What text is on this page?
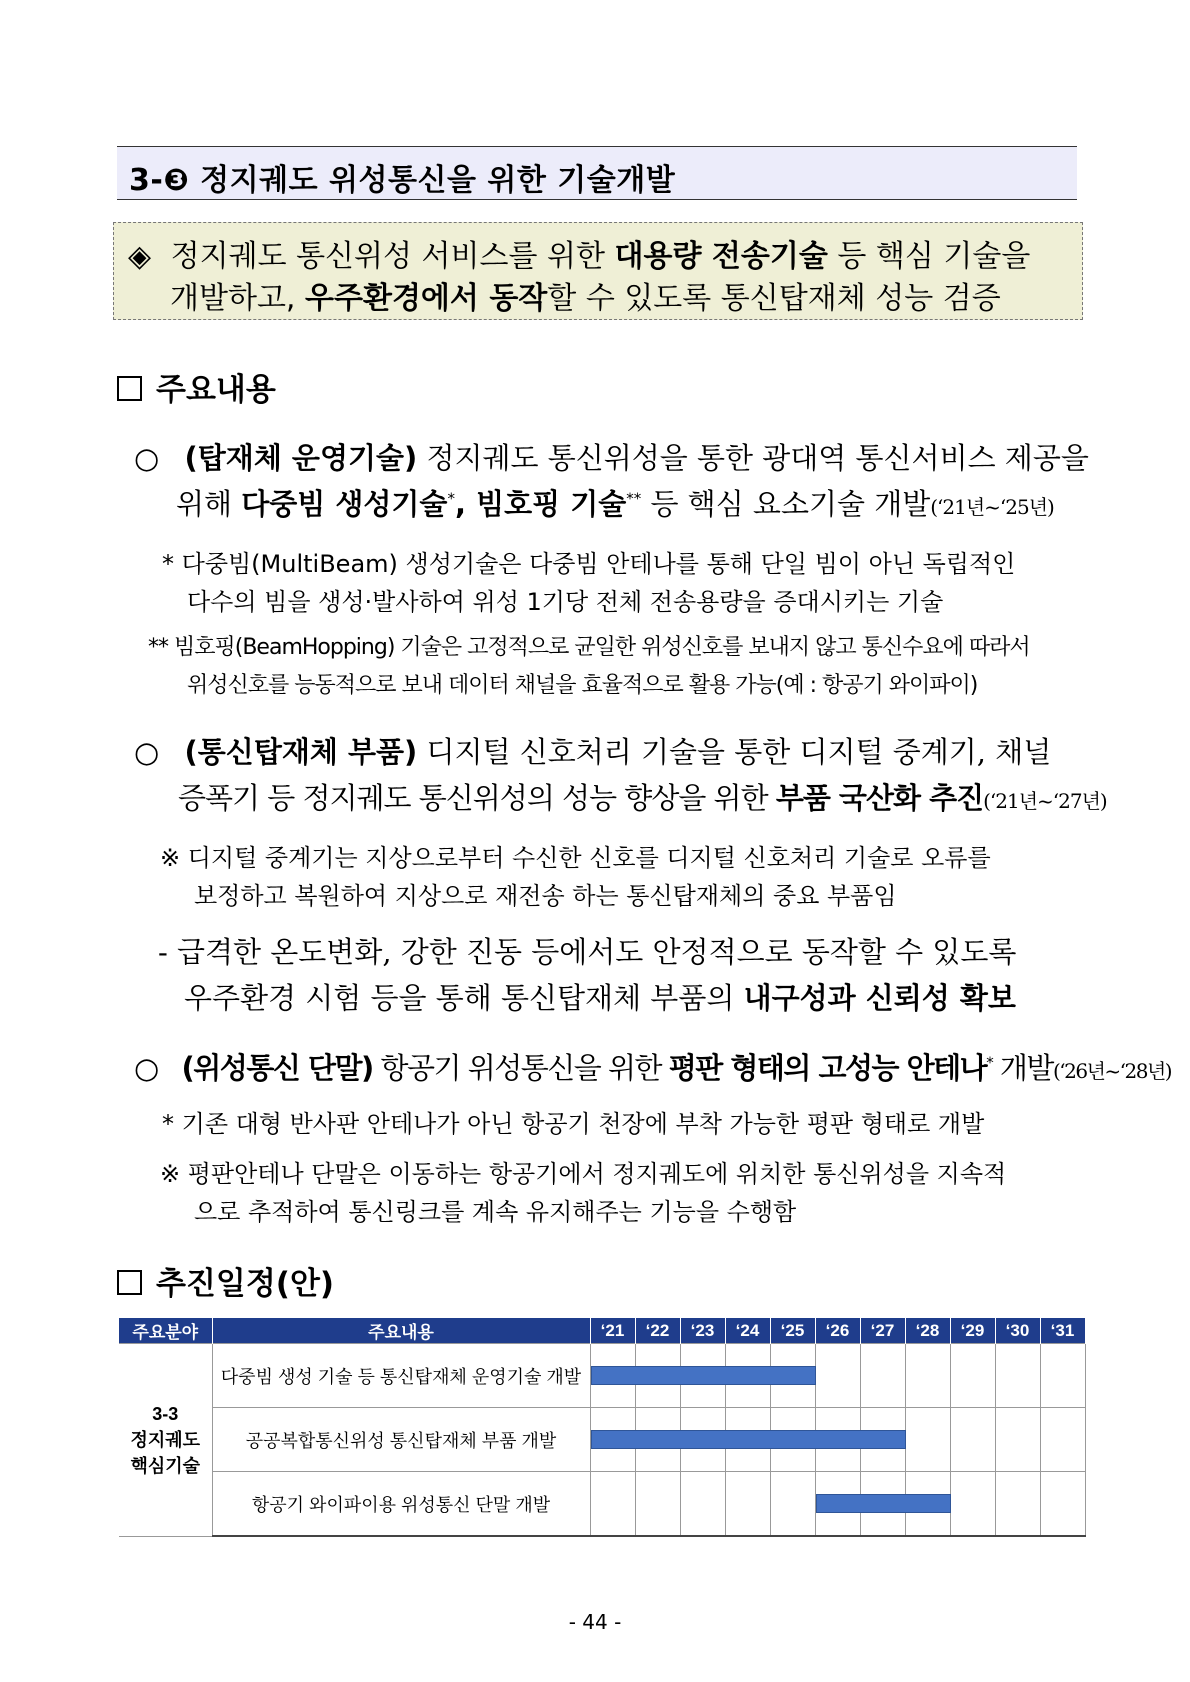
3-❸ 정지궤도 위성통신을 위한 기술개발
◈ 정지궤도 통신위성 서비스를 위한 대용량 전송기술 등 핵심 기술을
개발하고, 우주환경에서 동작할 수 있도록 통신탑재체 성능 검증
주요내용
○ (탑재체 운영기술) 정지궤도 통신위성을 통한 광대역 통신서비스 제공을
위해 다중빔 생성기술*, 빔호핑 기술** 등 핵심 요소기술 개발(‘21년~‘25년)
* 다중빔(MultiBeam) 생성기술은 다중빔 안테나를 통해 단일 빔이 아닌 독립적인
다수의 빔을 생성·발사하여 위성 1기당 전체 전송용량을 증대시키는 기술
** 빔호핑(BeamHopping) 기술은 고정적으로 균일한 위성신호를 보내지 않고 통신수요에 따라서
위성신호를 능동적으로 보내 데이터 채널을 효율적으로 활용 가능(예 : 항공기 와이파이)
○ (통신탑재체 부품) 디지털 신호처리 기술을 통한 디지털 중계기, 채널
증폭기 등 정지궤도 통신위성의 성능 향상을 위한 부품 국산화 추진(‘21년~‘27년)
※ 디지털 중계기는 지상으로부터 수신한 신호를 디지털 신호처리 기술로 오류를
보정하고 복원하여 지상으로 재전송 하는 통신탑재체의 중요 부품임
- 급격한 온도변화, 강한 진동 등에서도 안정적으로 동작할 수 있도록
우주환경 시험 등을 통해 통신탑재체 부품의 내구성과 신뢰성 확보
○ (위성통신 단말) 항공기 위성통신을 위한 평판 형태의 고성능 안테나* 개발(‘26년~‘28년)
* 기존 대형 반사판 안테나가 아닌 항공기 천장에 부착 가능한 평판 형태로 개발
※ 평판안테나 단말은 이동하는 항공기에서 정지궤도에 위치한 통신위성을 지속적
으로 추적하여 통신링크를 계속 유지해주는 기능을 수행함
추진일정(안)
주요분야	주요내용	‘21	‘22	‘23	‘24	‘25	‘26	‘27	‘28	‘29	‘30	‘31

3-3
정지궤도
핵심기술	다중빔 생성 기술 등 통신탑재체 운영기술 개발	

	공공복합통신위성 통신탑재체 부품 개발	

	항공기 와이파이용 위성통신 단말 개발						

- 44 -
